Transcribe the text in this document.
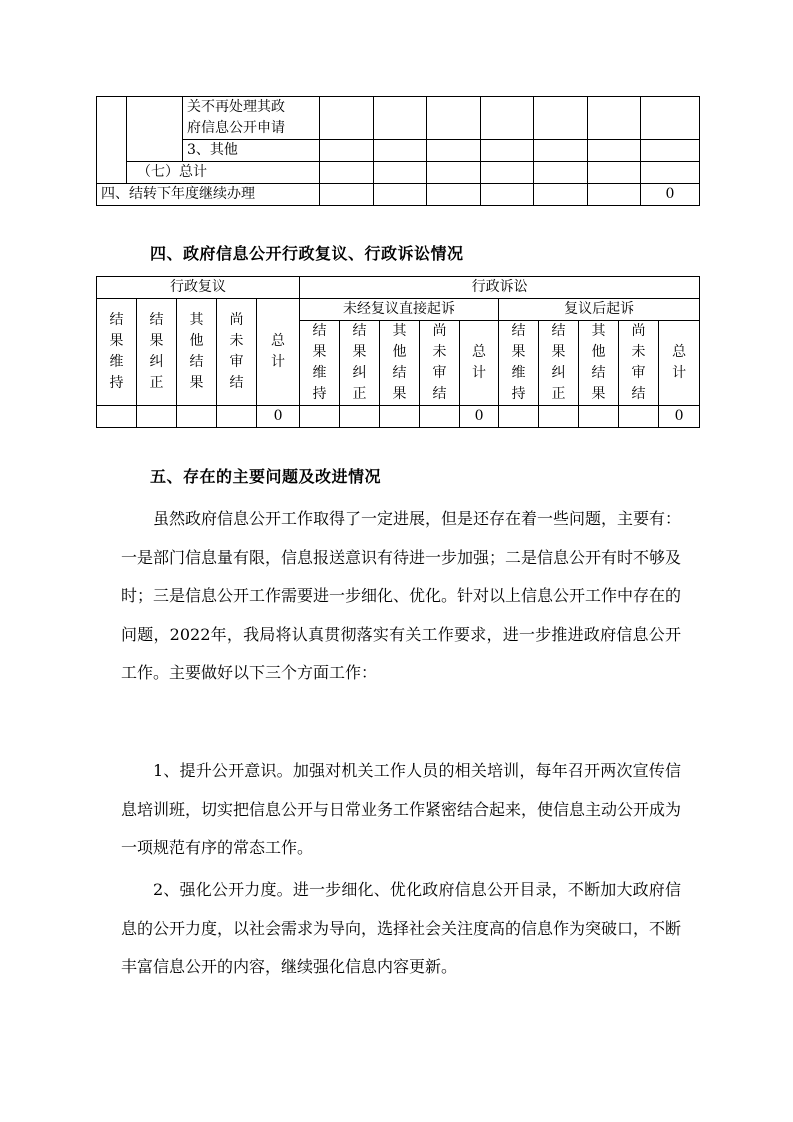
		关不再处理其政
府信息公开申请							

		3、其他							
	（七）总计								
四、结转下年度继续办理									0
四、政府信息公开行政复议、行政诉讼情况
行政复议					行政诉讼									

结果维持	结果纠正	其他结果	尚未审结	总计	未经复议直接起诉					复议后起诉				

					结果维持	结果纠正	其他结果	尚未审结	总计	结果维持	结果纠正	其他结果	尚未审结	总计

				0					0					0
五、存在的主要问题及改进情况

虽然政府信息公开工作取得了一定进展，但是还存在着一些问题，主要有：一是部门信息量有限，信息报送意识有待进一步加强；二是信息公开有时不够及时；三是信息公开工作需要进一步细化、优化。针对以上信息公开工作中存在的问题，2022年，我局将认真贯彻落实有关工作要求，进一步推进政府信息公开工作。主要做好以下三个方面工作：

1、提升公开意识。加强对机关工作人员的相关培训，每年召开两次宣传信息培训班，切实把信息公开与日常业务工作紧密结合起来，使信息主动公开成为一项规范有序的常态工作。

2、强化公开力度。进一步细化、优化政府信息公开目录，不断加大政府信息的公开力度，以社会需求为导向，选择社会关注度高的信息作为突破口，不断丰富信息公开的内容，继续强化信息内容更新。
